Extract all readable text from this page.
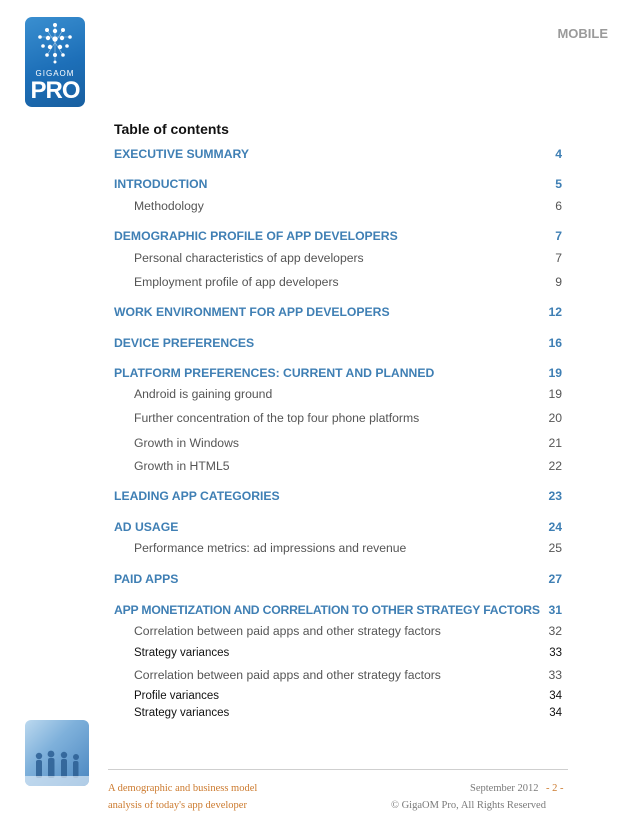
GIGAOM
PRO
MOBILE
Table of contents
EXECUTIVE SUMMARY	4
INTRODUCTION	5
Methodology	6
DEMOGRAPHIC PROFILE OF APP DEVELOPERS	7
Personal characteristics of app developers	7
Employment profile of app developers	9
WORK ENVIRONMENT FOR APP DEVELOPERS	12
DEVICE PREFERENCES	16
PLATFORM PREFERENCES: CURRENT AND PLANNED	19
Android is gaining ground	19
Further concentration of the top four phone platforms	20
Growth in Windows	21
Growth in HTML5	22
LEADING APP CATEGORIES	23
AD USAGE	24
Performance metrics: ad impressions and revenue	25
PAID APPS	27
APP MONETIZATION AND CORRELATION TO OTHER STRATEGY FACTORS 31
Correlation between paid apps and other strategy factors	32
Strategy variances	33
Correlation between paid apps and other strategy factors	33
Profile variances	34
Strategy variances	34
A demographic and business model
analysis of today's app developer
September 2012 - 2 -
© GigaOM Pro, All Rights Reserved
